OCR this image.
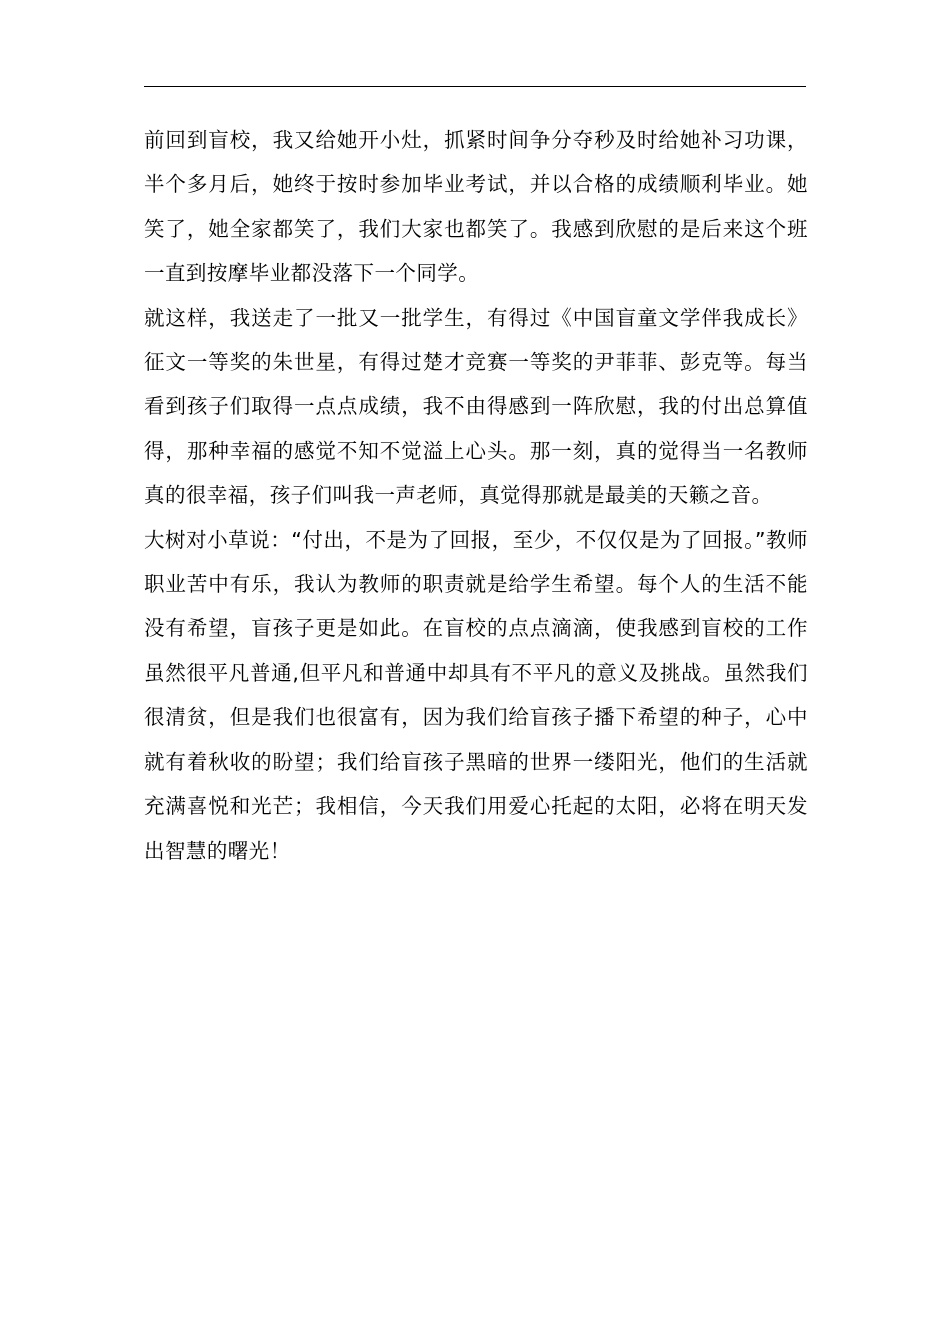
前回到盲校，我又给她开小灶，抓紧时间争分夺秒及时给她补习功课，半个多月后，她终于按时参加毕业考试，并以合格的成绩顺利毕业。她笑了，她全家都笑了，我们大家也都笑了。我感到欣慰的是后来这个班一直到按摩毕业都没落下一个同学。

就这样，我送走了一批又一批学生，有得过《中国盲童文学伴我成长》征文一等奖的朱世星，有得过楚才竞赛一等奖的尹菲菲、彭克等。每当看到孩子们取得一点点成绩，我不由得感到一阵欣慰，我的付出总算值得，那种幸福的感觉不知不觉溢上心头。那一刻，真的觉得当一名教师真的很幸福，孩子们叫我一声老师，真觉得那就是最美的天籁之音。

大树对小草说：“付出，不是为了回报，至少，不仅仅是为了回报。”教师职业苦中有乐，我认为教师的职责就是给学生希望。每个人的生活不能没有希望，盲孩子更是如此。在盲校的点点滴滴，使我感到盲校的工作虽然很平凡普通,但平凡和普通中却具有不平凡的意义及挑战。虽然我们很清贫，但是我们也很富有，因为我们给盲孩子播下希望的种子，心中就有着秋收的盼望；我们给盲孩子黑暗的世界一缕阳光，他们的生活就充满喜悦和光芒；我相信，今天我们用爱心托起的太阳，必将在明天发出智慧的曙光！
